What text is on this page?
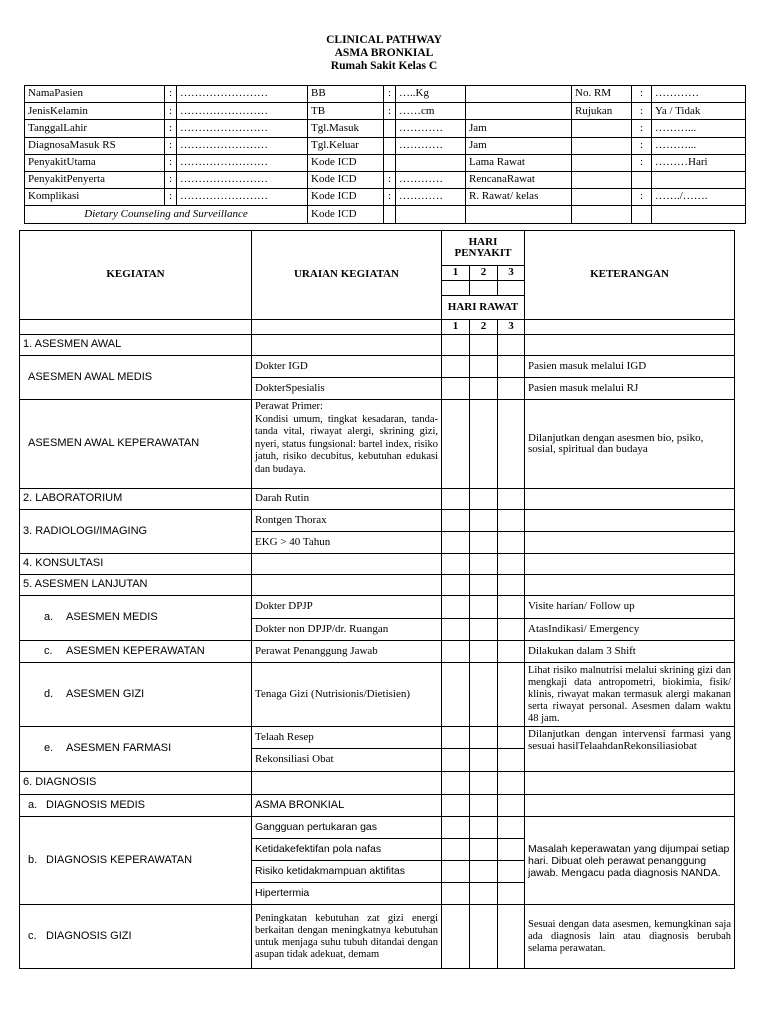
CLINICAL PATHWAY
ASMA BRONKIAL
Rumah Sakit Kelas C
NamaPasien	:	……………………	BB	:	…..Kg		No. RM	:	…………
JenisKelamin	:	……………………	TB	:	……cm		Rujukan	:	Ya / Tidak
TanggalLahir	:	……………………	Tgl.Masuk		…………	Jam		:	………...
DiagnosaMasuk RS	:	……………………	Tgl.Keluar		…………	Jam		:	………...
PenyakitUtama	:	……………………	Kode ICD			Lama Rawat		:	………Hari
PenyakitPenyerta	:	……………………	Kode ICD	:	…………	RencanaRawat			
Komplikasi	:	……………………	Kode ICD	:	…………	R. Rawat/ kelas		:	……./…….
Dietary Counseling and Surveillance			Kode ICD						
KEGIATAN	URAIAN KEGIATAN	HARI PENYAKIT			KETERANGAN
		1	2	3	

		HARI RAWAT			
		1	2	3	
1. ASESMEN AWAL					
ASESMEN AWAL MEDIS	Dokter IGD				Pasien masuk melalui IGD
	DokterSpesialis				Pasien masuk melalui RJ
ASESMEN AWAL KEPERAWATAN	Perawat Primer:
Kondisi umum, tingkat kesadaran, tanda-tanda vital, riwayat alergi, skrining gizi, nyeri, status fungsional: bartel index, risiko jatuh, risiko decubitus, kebutuhan edukasi dan budaya.				Dilanjutkan dengan asesmen bio, psiko, sosial, spiritual dan budaya
2. LABORATORIUM	Darah Rutin				
3. RADIOLOGI/IMAGING	Rontgen Thorax				
	EKG > 40 Tahun				
4. KONSULTASI					
5. ASESMEN LANJUTAN					
a. ASESMEN MEDIS	Dokter DPJP				Visite harian/ Follow up
	Dokter non DPJP/dr. Ruangan				AtasIndikasi/ Emergency
c. ASESMEN KEPERAWATAN	Perawat Penanggung Jawab				Dilakukan dalam 3 Shift
d. ASESMEN GIZI	Tenaga Gizi (Nutrisionis/Dietisien)				Lihat risiko malnutrisi melalui skrining gizi dan mengkaji data antropometri, biokimia, fisik/ klinis, riwayat makan termasuk alergi makanan serta riwayat personal. Asesmen dalam waktu 48 jam.
e. ASESMEN FARMASI	Telaah Resep				Dilanjutkan dengan intervensi farmasi yang sesuai hasilTelaahdanRekonsiliasiobat
	Rekonsiliasi Obat				
6. DIAGNOSIS					
a. DIAGNOSIS MEDIS	ASMA BRONKIAL				
b. DIAGNOSIS KEPERAWATAN	Gangguan pertukaran gas				Masalah keperawatan yang dijumpai setiap hari. Dibuat oleh perawat penanggung jawab. Mengacu pada diagnosis NANDA.
	Ketidakefektifan pola nafas				
	Risiko ketidakmampuan aktifitas				
	Hipertermia				
c. DIAGNOSIS GIZI	Peningkatan kebutuhan zat gizi energi berkaitan dengan meningkatnya kebutuhan untuk menjaga suhu tubuh ditandai dengan asupan tidak adekuat, demam				Sesuai dengan data asesmen, kemungkinan saja ada diagnosis lain atau diagnosis berubah selama perawatan.
